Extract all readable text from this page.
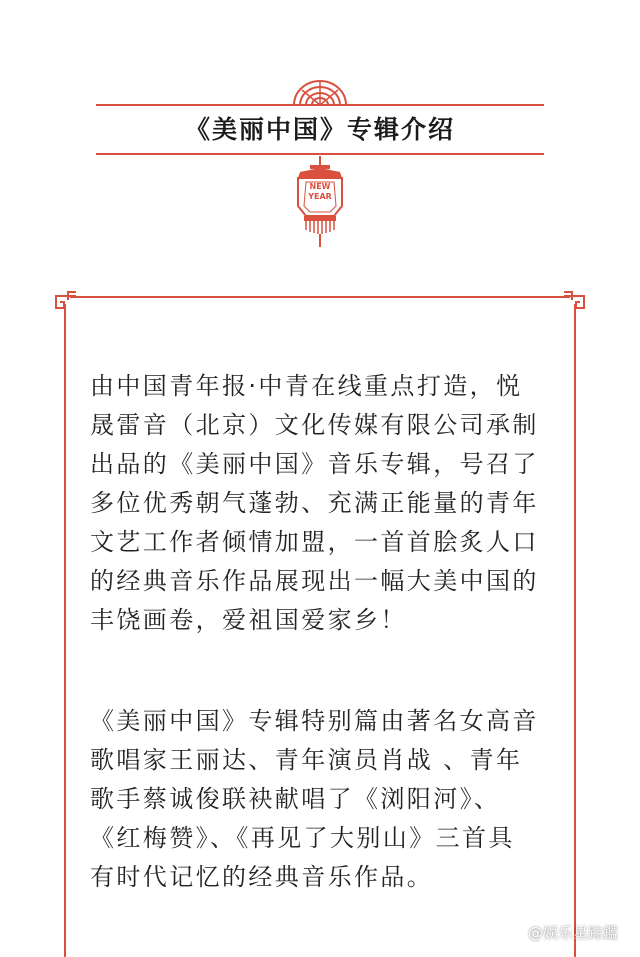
《美丽中国》专辑介绍
NEW
YEAR
由中国青年报·中青在线重点打造，悦
晟雷音（北京）文化传媒有限公司承制
出品的《美丽中国》音乐专辑，号召了
多位优秀朝气蓬勃、充满正能量的青年
文艺工作者倾情加盟，一首首脍炙人口
的经典音乐作品展现出一幅大美中国的
丰饶画卷，爱祖国爱家乡！
《美丽中国》专辑特别篇由著名女高音
歌唱家王丽达、青年演员肖战 、青年
歌手蔡诚俊联袂献唱了《浏阳河》、
《红梅赞》、《再见了大别山》三首具
有时代记忆的经典音乐作品。
@娱乐星踪鑑
